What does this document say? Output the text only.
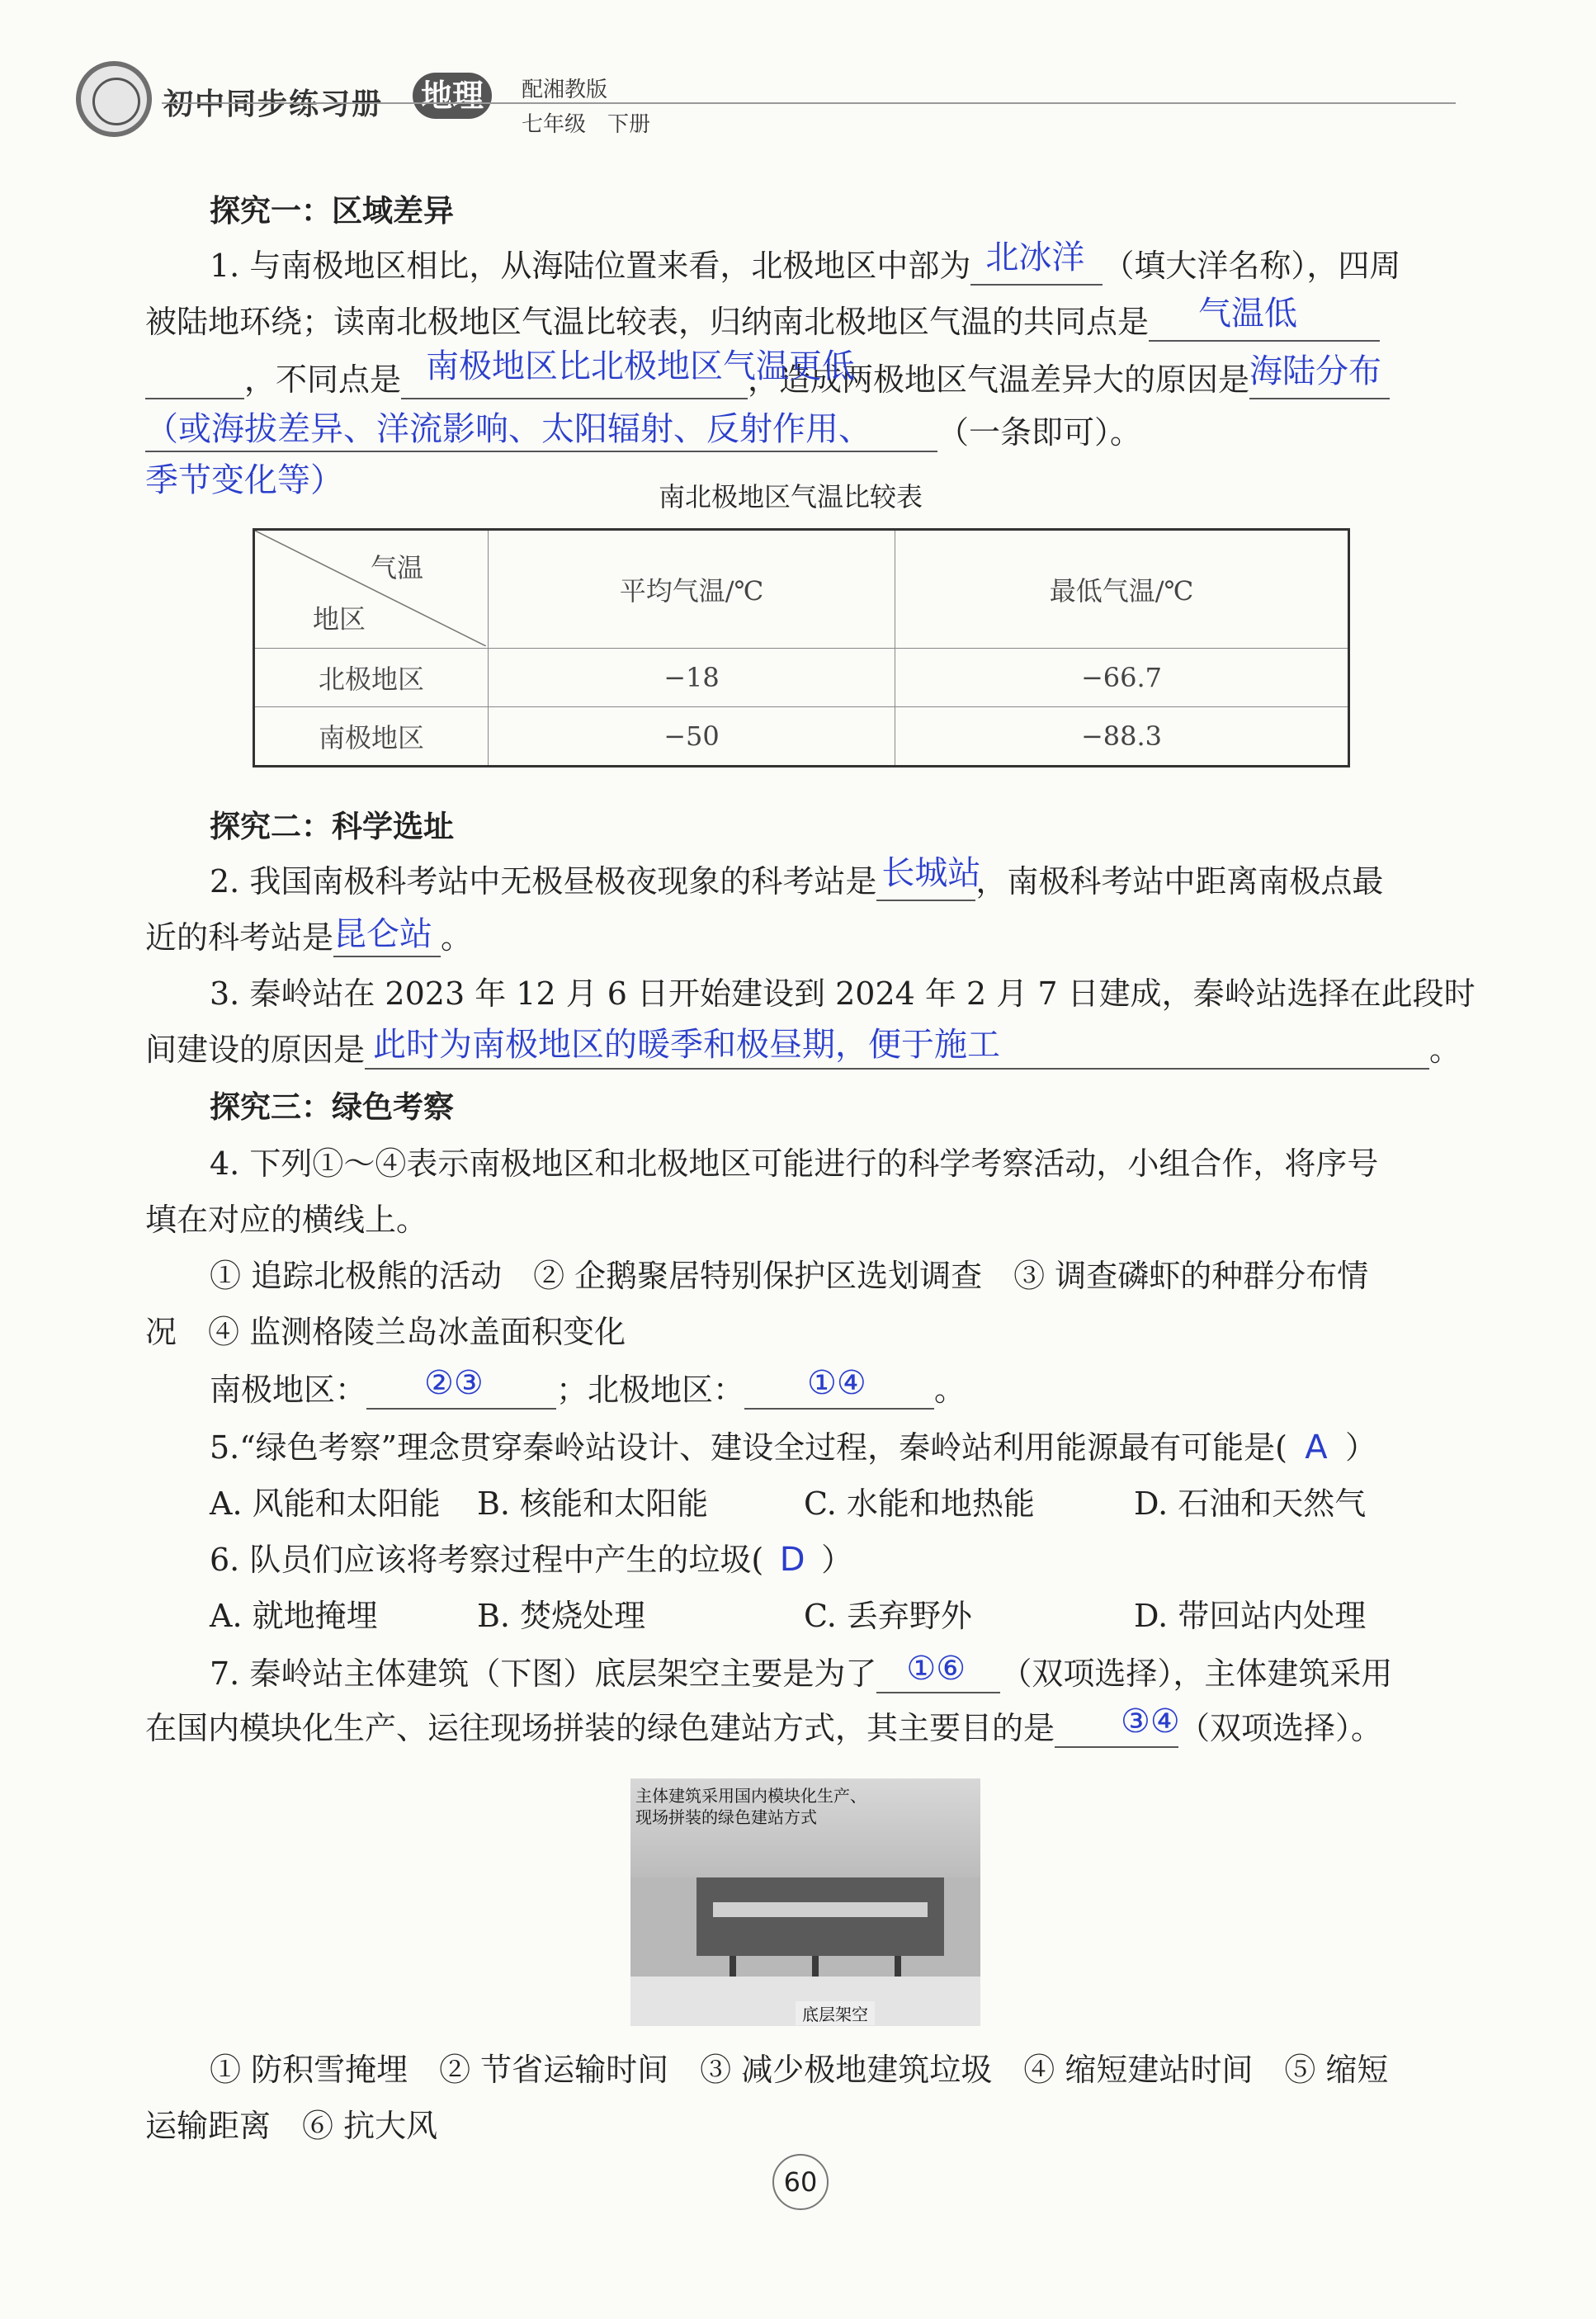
初中同步练习册 地理	配湘教版
七年级　下册
探究一：区域差异
1. 与南极地区相比，从海陆位置来看，北极地区中部为 北冰洋 （填大洋名称），四周
被陆地环绕；读南北极地区气温比较表，归纳南北极地区气温的共同点是 气温低
，不同点是 南极地区比北极地区气温更低
，造成两极地区气温差异大的原因是 海陆分布
（或海拔差异、洋流影响、太阳辐射、反射作用、 （一条即可）。
季节变化等）	南北极地区气温比较表
气温
地区	平均气温/℃	最低气温/℃
北极地区	−18	−66.7
南极地区	−50	−88.3
探究二：科学选址
2. 我国南极科考站中无极昼极夜现象的科考站是 长城站
，南极科考站中距离南极点最
近的科考站是 昆仑站 。
3. 秦岭站在 2023 年 12 月 6 日开始建设到 2024 年 2 月 7 日建成，秦岭站选择在此段时
间建设的原因是 此时为南极地区的暖季和极昼期，便于施工	。
探究三：绿色考察
4. 下列①～④表示南极地区和北极地区可能进行的科学考察活动，小组合作，将序号
填在对应的横线上。
① 追踪北极熊的活动　② 企鹅聚居特别保护区选划调查　③ 调查磷虾的种群分布情
况　④ 监测格陵兰岛冰盖面积变化
南极地区： ②③ ；北极地区： ①④ 。
5.“绿色考察”理念贯穿秦岭站设计、建设全过程，秦岭站利用能源最有可能是( A ）
A. 风能和太阳能 B. 核能和太阳能	C. 水能和地热能	D. 石油和天然气
6. 队员们应该将考察过程中产生的垃圾( D ）
A. 就地掩埋	B. 焚烧处理	C. 丢弃野外	D. 带回站内处理
7. 秦岭站主体建筑（下图）底层架空主要是为了 ①⑥ （双项选择），主体建筑采用
在国内模块化生产、运往现场拼装的绿色建站方式，其主要目的是 ③④
（双项选择）。
主体建筑采用国内模块化生产、
现场拼装的绿色建站方式
底层架空
① 防积雪掩埋　② 节省运输时间　③ 减少极地建筑垃圾　④ 缩短建站时间　⑤ 缩短
运输距离　⑥ 抗大风
60
